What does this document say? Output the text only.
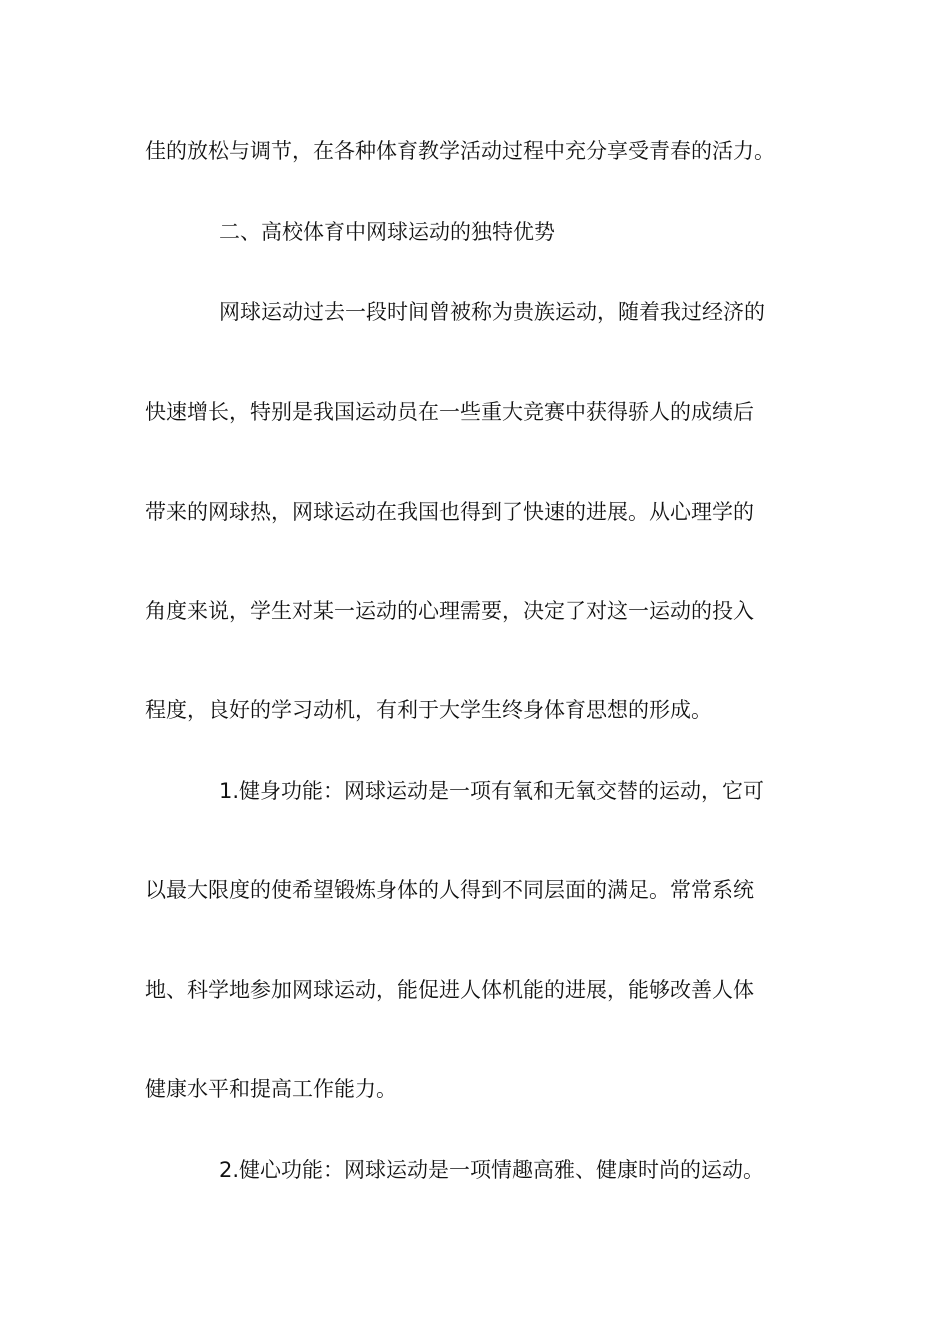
佳的放松与调节，在各种体育教学活动过程中充分享受青春的活力。
二、高校体育中网球运动的独特优势
网球运动过去一段时间曾被称为贵族运动，随着我过经济的
快速增长，特别是我国运动员在一些重大竞赛中获得骄人的成绩后
带来的网球热，网球运动在我国也得到了快速的进展。从心理学的
角度来说，学生对某一运动的心理需要，决定了对这一运动的投入
程度，良好的学习动机，有利于大学生终身体育思想的形成。
1.健身功能：网球运动是一项有氧和无氧交替的运动，它可
以最大限度的使希望锻炼身体的人得到不同层面的满足。常常系统
地、科学地参加网球运动，能促进人体机能的进展，能够改善人体
健康水平和提高工作能力。
2.健心功能：网球运动是一项情趣高雅、健康时尚的运动。
